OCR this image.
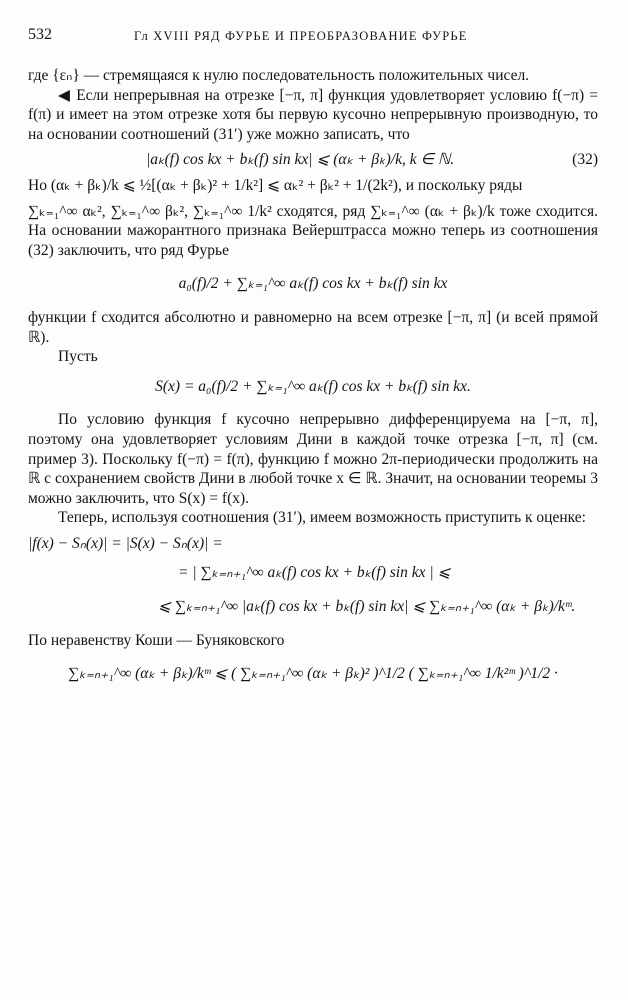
532	Гл XVIII РЯД ФУРЬЕ И ПРЕОБРАЗОВАНИЕ ФУРЬЕ

где {εₙ} — стремящаяся к нулю последовательность положительных чисел.

◀ Если непрерывная на отрезке [−π, π] функция удовлетворяет условию f(−π) = f(π) и имеет на этом отрезке хотя бы первую кусочно непрерывную производную, то на основании соотношений (31′) уже можно записать, что

(32)
|aₖ(f) cos kx + bₖ(f) sin kx| ⩽ (αₖ + βₖ)/k, k ∈ ℕ.

Но (αₖ + βₖ)/k ⩽ ½[(αₖ + βₖ)² + 1/k²] ⩽ αₖ² + βₖ² + 1/(2k²), и поскольку ряды

∑ₖ₌₁^∞ αₖ², ∑ₖ₌₁^∞ βₖ², ∑ₖ₌₁^∞ 1/k² сходятся, ряд ∑ₖ₌₁^∞ (αₖ + βₖ)/k тоже сходится. На основании мажорантного признака Вейерштрасса можно теперь из соотношения (32) заключить, что ряд Фурье

a₀(f)/2 + ∑ₖ₌₁^∞ aₖ(f) cos kx + bₖ(f) sin kx

функции f сходится абсолютно и равномерно на всем отрезке [−π, π] (и всей прямой ℝ).

Пусть

S(x) = a₀(f)/2 + ∑ₖ₌₁^∞ aₖ(f) cos kx + bₖ(f) sin kx.

По условию функция f кусочно непрерывно дифференцируема на [−π, π], поэтому она удовлетворяет условиям Дини в каждой точке отрезка [−π, π] (см. пример 3). Поскольку f(−π) = f(π), функцию f можно 2π-периодически продолжить на ℝ с сохранением свойств Дини в любой точке x ∈ ℝ. Значит, на основании теоремы 3 можно заключить, что S(x) = f(x).

Теперь, используя соотношения (31′), имеем возможность приступить к оценке:

|f(x) − Sₙ(x)| = |S(x) − Sₙ(x)| =

= | ∑ₖ₌ₙ₊₁^∞ aₖ(f) cos kx + bₖ(f) sin kx | ⩽

⩽ ∑ₖ₌ₙ₊₁^∞ |aₖ(f) cos kx + bₖ(f) sin kx| ⩽ ∑ₖ₌ₙ₊₁^∞ (αₖ + βₖ)/kᵐ.

По неравенству Коши — Буняковского

∑ₖ₌ₙ₊₁^∞ (αₖ + βₖ)/kᵐ ⩽ ( ∑ₖ₌ₙ₊₁^∞ (αₖ + βₖ)² )^1/2 ( ∑ₖ₌ₙ₊₁^∞ 1/k²ᵐ )^1/2 ·
